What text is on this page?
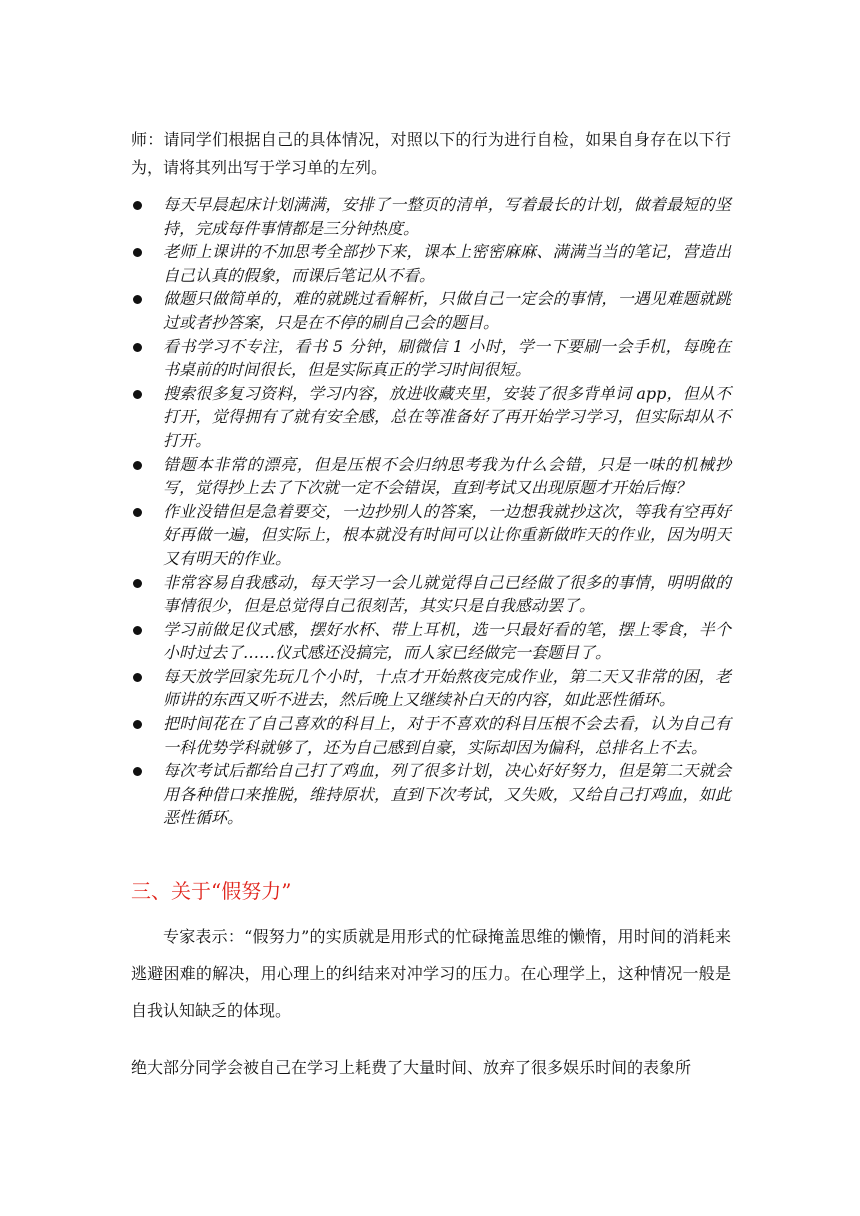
师：请同学们根据自己的具体情况，对照以下的行为进行自检，如果自身存在以下行为，请将其列出写于学习单的左列。

每天早晨起床计划满满，安排了一整页的清单，写着最长的计划，做着最短的坚持，完成每件事情都是三分钟热度。
老师上课讲的不加思考全部抄下来，课本上密密麻麻、满满当当的笔记，营造出自己认真的假象，而课后笔记从不看。
做题只做简单的，难的就跳过看解析，只做自己一定会的事情，一遇见难题就跳过或者抄答案，只是在不停的刷自己会的题目。
看书学习不专注，看书 5 分钟，刷微信 1 小时，学一下要刷一会手机，每晚在书桌前的时间很长，但是实际真正的学习时间很短。
搜索很多复习资料，学习内容，放进收藏夹里，安装了很多背单词 app，但从不打开，觉得拥有了就有安全感，总在等准备好了再开始学习学习，但实际却从不打开。
错题本非常的漂亮，但是压根不会归纳思考我为什么会错，只是一味的机械抄写，觉得抄上去了下次就一定不会错误，直到考试又出现原题才开始后悔？
作业没错但是急着要交，一边抄别人的答案，一边想我就抄这次，等我有空再好好再做一遍，但实际上，根本就没有时间可以让你重新做昨天的作业，因为明天又有明天的作业。
非常容易自我感动，每天学习一会儿就觉得自己已经做了很多的事情，明明做的事情很少，但是总觉得自己很刻苦，其实只是自我感动罢了。
学习前做足仪式感，摆好水杯、带上耳机，选一只最好看的笔，摆上零食，半个小时过去了……仪式感还没搞完，而人家已经做完一套题目了。
每天放学回家先玩几个小时，十点才开始熬夜完成作业，第二天又非常的困，老师讲的东西又听不进去，然后晚上又继续补白天的内容，如此恶性循环。
把时间花在了自己喜欢的科目上，对于不喜欢的科目压根不会去看，认为自己有一科优势学科就够了，还为自己感到自豪，实际却因为偏科，总排名上不去。
每次考试后都给自己打了鸡血，列了很多计划，决心好好努力，但是第二天就会用各种借口来推脱，维持原状，直到下次考试，又失败，又给自己打鸡血，如此恶性循环。
三、关于“假努力”

专家表示：“假努力”的实质就是用形式的忙碌掩盖思维的懒惰，用时间的消耗来逃避困难的解决，用心理上的纠结来对冲学习的压力。在心理学上，这种情况一般是自我认知缺乏的体现。

绝大部分同学会被自己在学习上耗费了大量时间、放弃了很多娱乐时间的表象所
